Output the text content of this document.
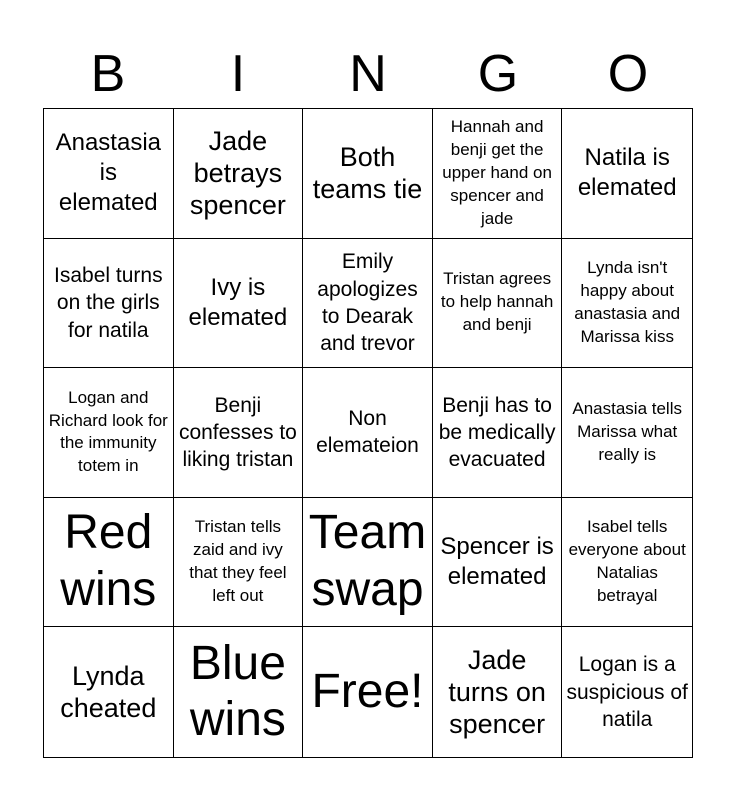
B	I	N	G	O
Anastasia is elemated
Jade betrays spencer
Both teams tie
Hannah and benji get the upper hand on spencer and jade
Natila is elemated
Isabel turns on the girls for natila
Ivy is elemated
Emily apologizes to Dearak and trevor
Tristan agrees to help hannah and benji
Lynda isn't happy about anastasia and Marissa kiss
Logan and Richard look for the immunity totem in
Benji confesses to liking tristan
Non elemateion
Benji has to be medically evacuated
Anastasia tells Marissa what really is
Red wins
Tristan tells zaid and ivy that they feel left out
Team swap
Spencer is elemated
Isabel tells everyone about Natalias betrayal
Lynda cheated
Blue wins
Free!
Jade turns on spencer
Logan is a suspicious of natila
